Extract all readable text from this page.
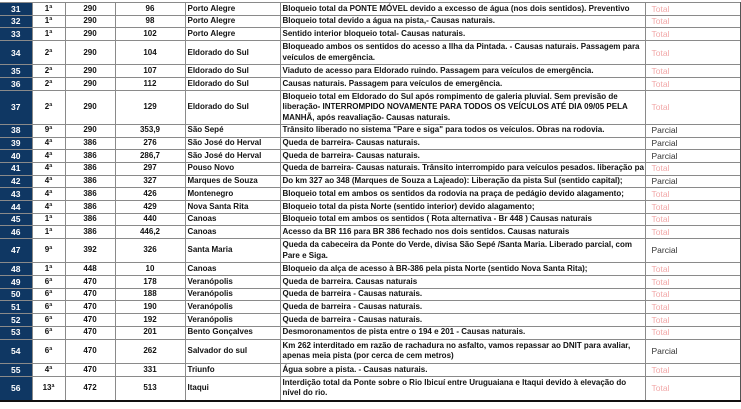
31	1ª	290	96	Porto Alegre	Bloqueio total da PONTE MÓVEL devido a excesso de água (nos dois sentidos). Preventivo	Total
32	1ª	290	98	Porto Alegre	Bloqueio total devido a água na pista,- Causas naturais.	Total
33	1ª	290	102	Porto Alegre	Sentido interior bloqueio total- Causas naturais.	Total
34	2ª	290	104	Eldorado do Sul	Bloqueado ambos os sentidos do acesso a Ilha da Pintada. - Causas naturais. Passagem para veículos de emergência.	Total
35	2ª	290	107	Eldorado do Sul	Viaduto de acesso para Eldorado ruindo. Passagem para veículos de emergência.	Total
36	2ª	290	112	Eldorado do Sul	Causas naturais. Passagem para veículos de emergência.	Total
37	2ª	290	129	Eldorado do Sul	Bloqueio total em Eldorado do Sul após rompimento de galeria pluvial. Sem previsão de liberação- INTERROMPIDO NOVAMENTE PARA TODOS OS VEÍCULOS ATÉ DIA 09/05 PELA MANHÃ, após reavaliação- Causas naturais.	Total
38	9ª	290	353,9	São Sepé	Trânsito liberado no sistema "Pare e siga" para todos os veículos. Obras na rodovia.	Parcial
39	4ª	386	276	São José do Herval	Queda de barreira- Causas naturais.	Parcial
40	4ª	386	286,7	São José do Herval	Queda de barreira- Causas naturais.	Parcial
41	4ª	386	297	Pouso Novo	Queda de barreira- Causas naturais. Trânsito interrompido para veículos pesados. liberação pa	Total
42	4ª	386	327	Marques de Souza	Do km 327 ao 348 (Marques de Souza a Lajeado): Liberação da pista Sul (sentido capital);	Parcial
43	4ª	386	426	Montenegro	Bloqueio total em ambos os sentidos da rodovia na praça de pedágio devido alagamento;	Total
44	4ª	386	429	Nova Santa Rita	Bloqueio total da pista Norte (sentido interior) devido alagamento;	Total
45	1ª	386	440	Canoas	Bloqueio total em ambos os sentidos ( Rota alternativa - Br 448 ) Causas naturais	Total
46	1ª	386	446,2	Canoas	Acesso da BR 116 para BR 386 fechado nos dois sentidos. Causas naturais	Total
47	9ª	392	326	Santa Maria	Queda da cabeceira da Ponte do Verde, divisa São Sepé /Santa Maria. Liberado parcial, com Pare e Siga.	Parcial
48	1ª	448	10	Canoas	Bloqueio da alça de acesso à BR-386 pela pista Norte (sentido Nova Santa Rita);	Total
49	6ª	470	178	Veranópolis	Queda de barreira. Causas naturais	Total
50	6ª	470	188	Veranópolis	Queda de barreira - Causas naturais.	Total
51	6ª	470	190	Veranópolis	Queda de barreira - Causas naturais.	Total
52	6ª	470	192	Veranópolis	Queda de barreira - Causas naturais.	Total
53	6ª	470	201	Bento Gonçalves	Desmoronamentos de pista entre o 194 e 201 - Causas naturais.	Total
54	6ª	470	262	Salvador do sul	Km 262 interditado em razão de rachadura no asfalto, vamos repassar ao DNIT para avaliar, apenas meia pista (por cerca de cem metros)	Parcial
55	4ª	470	331	Triunfo	Água sobre a pista. - Causas naturais.	Total
56	13ª	472	513	Itaqui	Interdição total da Ponte sobre o Rio Ibicuí entre Uruguaiana e Itaqui devido à elevação do nível do rio.	Total
